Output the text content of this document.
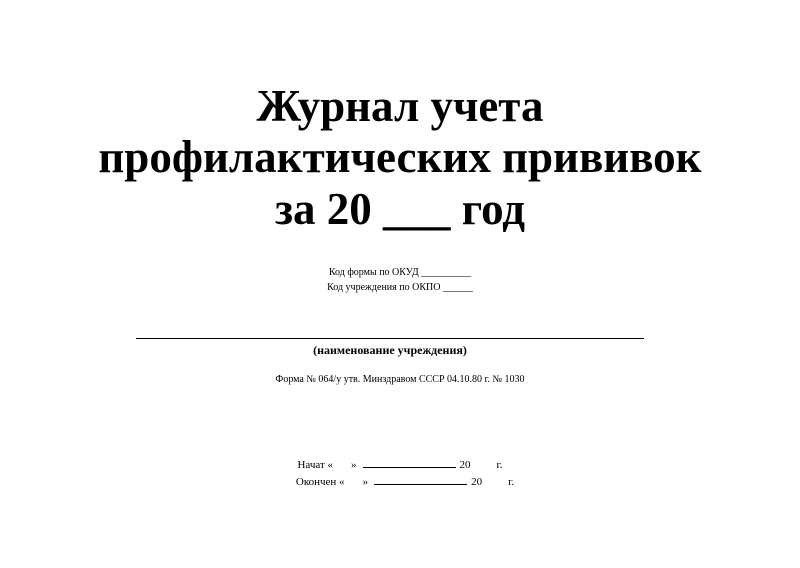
Журнал учета
профилактических прививок
за 20 ___ год
Код формы по ОКУД __________
Код учреждения по ОКПО ______
(наименование учреждения)
Форма № 064/у утв. Минздравом СССР 04.10.80 г. № 1030
Начат « »	20 г.
Окончен « »	20 г.
